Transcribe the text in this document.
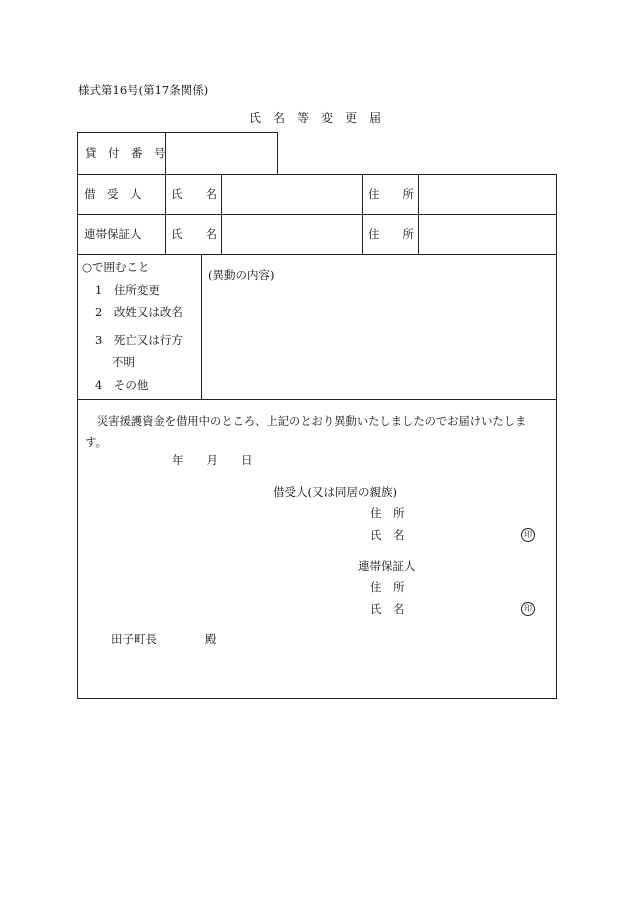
様式第16号(第17条関係)
氏　名　等　変　更　届
貸　付　番　号
借　受　人	氏　　名	住　　所
連帯保証人	氏　　名	住　　所
○で囲むこと
1　住所変更
2　改姓又は改名
3　死亡又は行方
不明
4　その他
(異動の内容)
災害援護資金を借用中のところ、上記のとおり異動いたしましたのでお届けいたしま
す。
年　　月　　日
借受人(又は同居の親族)
住　所
氏　名	印
連帯保証人
住　所
氏　名	印
田子町長	殿
